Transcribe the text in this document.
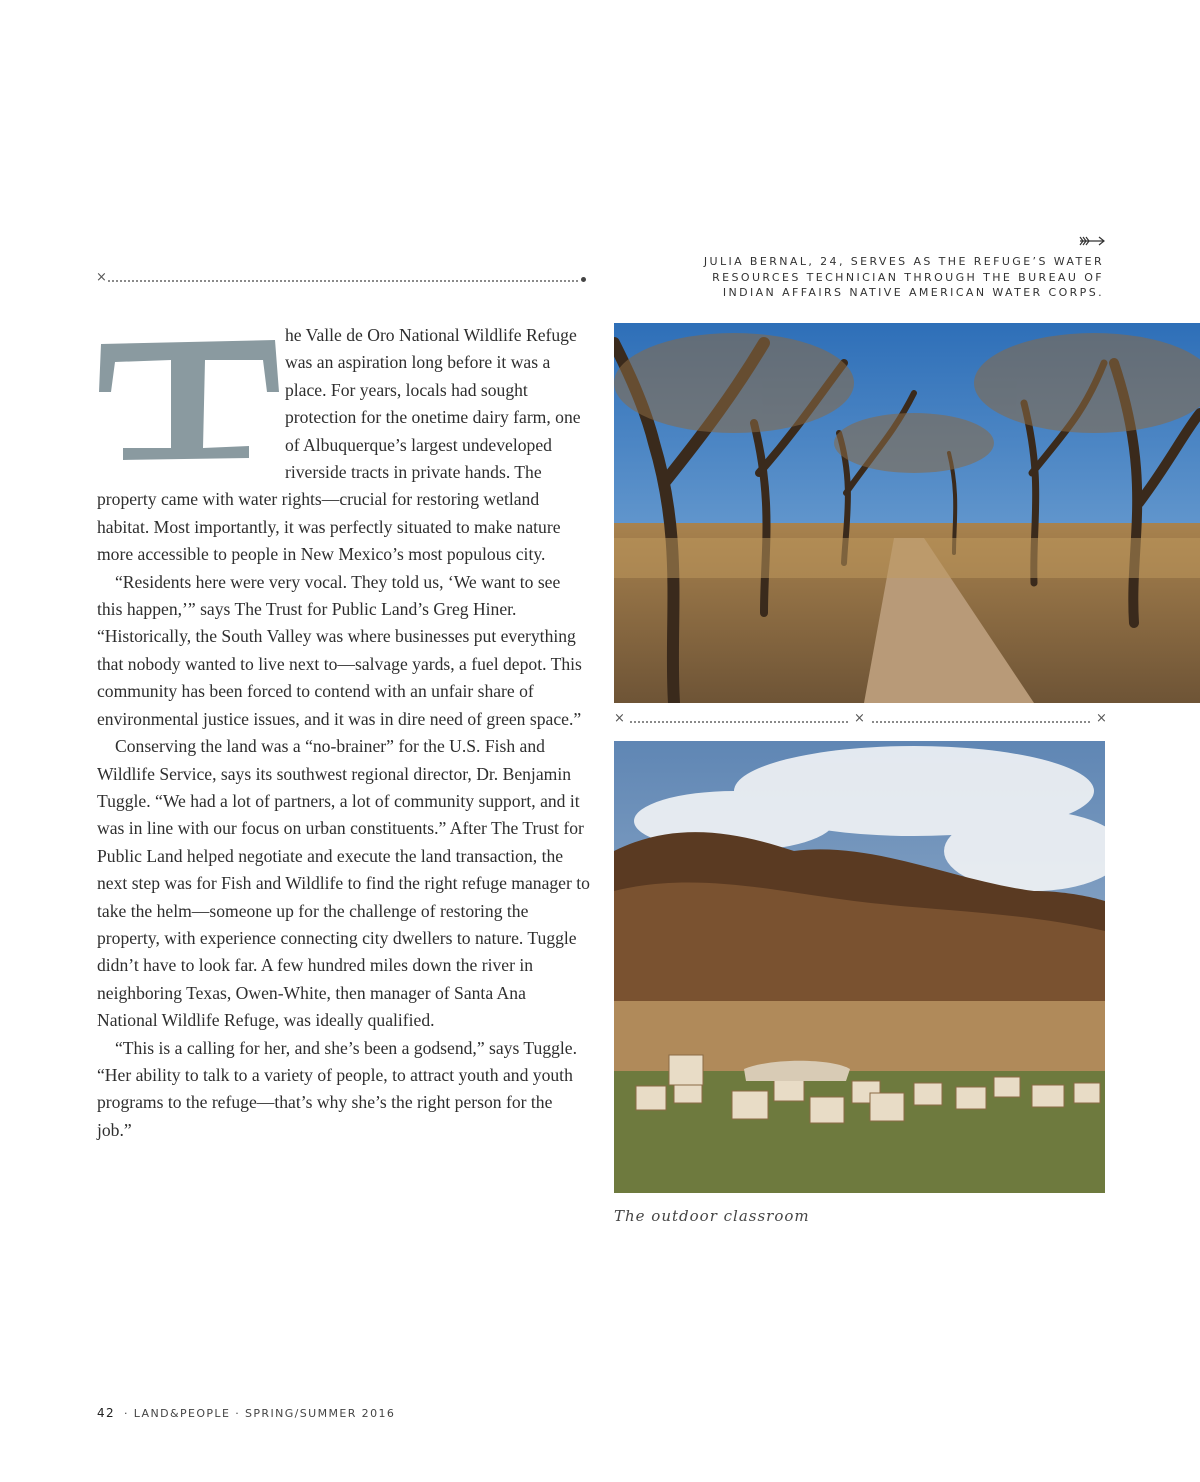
×
JULIA BERNAL, 24, SERVES AS THE REFUGE’S WATER RESOURCES TECHNICIAN THROUGH THE BUREAU OF INDIAN AFFAIRS NATIVE AMERICAN WATER CORPS.

he Valle de Oro National Wildlife Refuge was an aspiration long before it was a place. For years, locals had sought protection for the onetime dairy farm, one of Albuquerque’s largest undeveloped riverside tracts in private hands. The property came with water rights—crucial for restoring wetland habitat. Most importantly, it was perfectly situated to make nature more accessible to people in New Mexico’s most populous city.

“Residents here were very vocal. They told us, ‘We want to see this happen,’” says The Trust for Public Land’s Greg Hiner. “Historically, the South Valley was where businesses put everything that nobody wanted to live next to—salvage yards, a fuel depot. This community has been forced to contend with an unfair share of environmental justice issues, and it was in dire need of green space.”

Conserving the land was a “no-brainer” for the U.S. Fish and Wildlife Service, says its southwest regional director, Dr. Benjamin Tuggle. “We had a lot of partners, a lot of community support, and it was in line with our focus on urban constituents.” After The Trust for Public Land helped negotiate and execute the land transaction, the next step was for Fish and Wildlife to find the right refuge manager to take the helm—someone up for the challenge of restoring the property, with experience connecting city dwellers to nature. Tuggle didn’t have to look far. A few hundred miles down the river in neighboring Texas, Owen-White, then manager of Santa Ana National Wildlife Refuge, was ideally qualified.

“This is a calling for her, and she’s been a godsend,” says Tuggle. “Her ability to talk to a variety of people, to attract youth and youth programs to the refuge—that’s why she’s the right person for the job.”

×	×	×
The outdoor classroom
42 · LAND&PEOPLE · SPRING/SUMMER 2016
